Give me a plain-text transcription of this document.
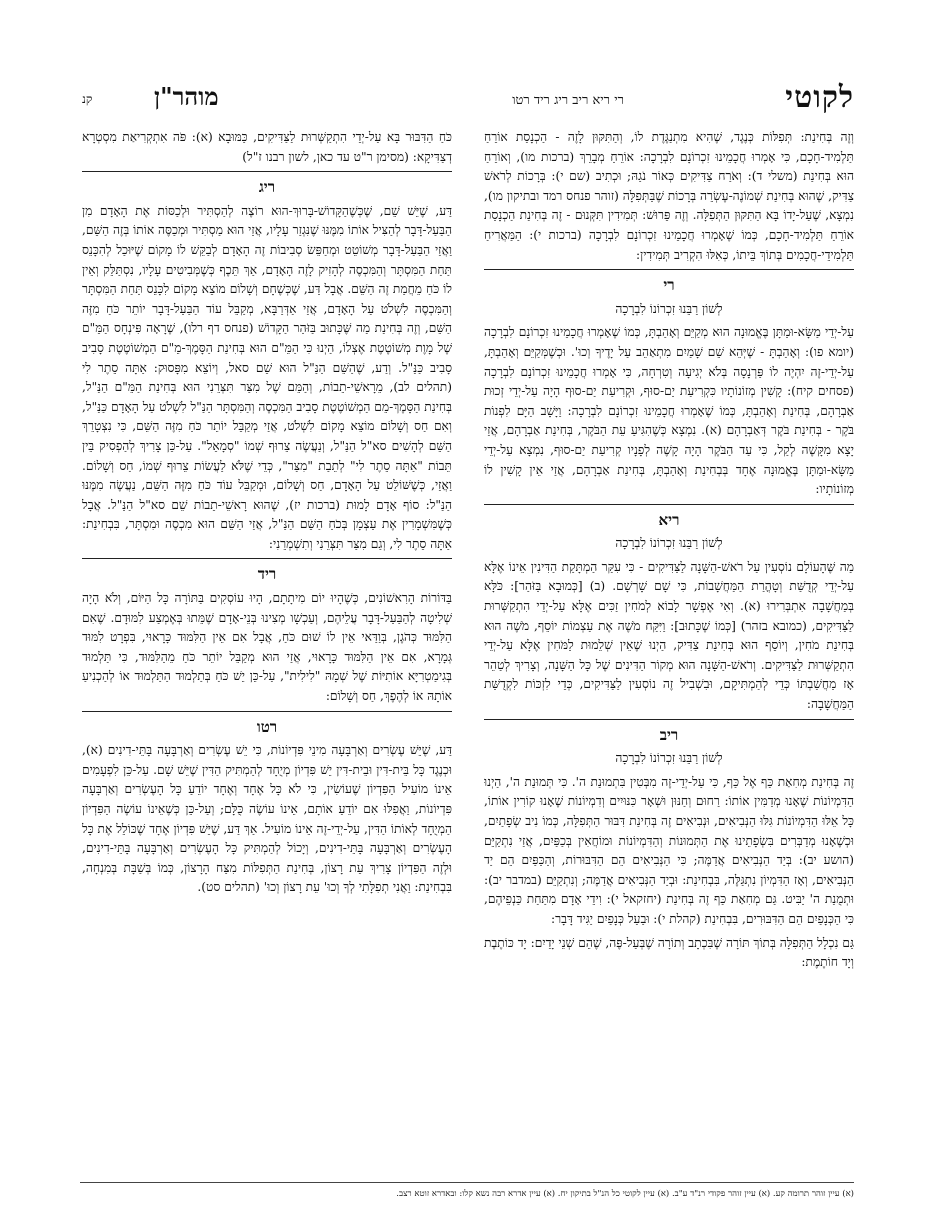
לקוטי
רי ריא ריב ריג ריד רטו
מוהר"ן
קנ

וְזֶה בְּחִינַת: תְּפִלּוֹת כְּנֶגֶד, שֶׁהִיא מִתְנַגֶּדֶת לוֹ, וְהַתִּקּוּן לָזֶה - הַכְנָסַת אוֹרֵחַ תַּלְמִיד-חָכָם, כִּי אָמְרוּ חֲכָמֵינוּ זִכְרוֹנָם לִבְרָכָה: אוֹרֵחַ מְבָרֵךְ (ברכות מו), וְאוֹרֵחַ הוּא בְּחִינַת (משלי ד): וְאֹרַח צַדִּיקִים כְּאוֹר נֹגַהּ; וּכְתִיב (שם י): בְּרָכוֹת לְרֹאשׁ צַדִּיק, שֶׁהוּא בְּחִינַת שְׁמוֹנֶה-עֶשְׂרֵה בְּרָכוֹת שֶׁבַּתְּפִלָּה (זוהר פנחס רמד ובתיקון מו), נִמְצָא, שֶׁעַל-יָדוֹ בָּא הַתִּקּוּן הַתְּפִלָּה. וְזֶה פֵּרוּשׁ: תְּמִידִין תִּקְּנוּם - זֶה בְּחִינַת הַכְנָסַת אוֹרֵחַ תַּלְמִיד-חָכָם, כְּמוֹ שֶׁאָמְרוּ חֲכָמֵינוּ זִכְרוֹנָם לִבְרָכָה (ברכות י): הַמַּאֲרִיחַ תַּלְמִידֵי-חֲכָמִים בְּתוֹךְ בֵּיתוֹ, כְּאִלּוּ הִקְרִיב תְּמִידִין:

רי
לְשׁוֹן רַבֵּנוּ זִכְרוֹנוֹ לִבְרָכָה

עַל-יְדֵי מַשָּׂא-וּמַתָּן בֶּאֱמוּנָה הוּא מְקַיֵּם וְאָהַבְתָּ, כְּמוֹ שֶׁאָמְרוּ חֲכָמֵינוּ זִכְרוֹנָם לִבְרָכָה (יומא פו): וְאָהַבְתָּ - שֶׁיְּהֵא שֵׁם שָׁמַיִם מִתְאַהֵב עַל יָדֶיךָ וְכוּ'. וּכְשֶׁמְּקַיֵּם וְאָהַבְתָּ, עַל-יְדֵי-זֶה יִהְיֶה לוֹ פַּרְנָסָה בְּלֹא יְגִיעָה וְטִרְחָה, כִּי אָמְרוּ חֲכָמֵינוּ זִכְרוֹנָם לִבְרָכָה (פסחים קיח): קָשִׁין מְזוֹנוֹתָיו כִּקְרִיעַת יַם-סוּף, וּקְרִיעַת יַם-סוּף הָיָה עַל-יְדֵי זְכוּת אַבְרָהָם, בְּחִינַת וְאָהַבְתָּ, כְּמוֹ שֶׁאָמְרוּ חֲכָמֵינוּ זִכְרוֹנָם לִבְרָכָה: וַיָּשָׁב הַיָּם לִפְנוֹת בֹּקֶר - בְּחִינַת בֹּקֶר דְּאַבְרָהָם (א). נִמְצָא כְּשֶׁהִגִּיעַ עֵת הַבֹּקֶר, בְּחִינַת אַבְרָהָם, אֲזַי יָצָא מִקָּשֶׁה לְקַל, כִּי עַד הַבֹּקֶר הָיָה קָשֶׁה לְפָנָיו קְרִיעַת יַם-סוּף, נִמְצָא עַל-יְדֵי מַשָּׂא-וּמַתָּן בֶּאֱמוּנָה אֶחָד בְּבְחִינַת וְאָהַבְתָּ, בְּחִינַת אַבְרָהָם, אֲזַי אֵין קָשִׁין לוֹ מְזוֹנוֹתָיו:

ריא
לְשׁוֹן רַבֵּנוּ זִכְרוֹנוֹ לִבְרָכָה

מַה שֶּׁהָעוֹלָם נוֹסְעִין עַל רֹאשׁ-הַשָּׁנָה לַצַּדִּיקִים - כִּי עִקַּר הַמְתָּקַת הַדִּינִין אֵינוֹ אֶלָּא עַל-יְדֵי קְדֻשַּׁת וְטָהֳרַת הַמַּחֲשָׁבוֹת, כִּי שָׁם שָׁרְשָׁם. (ב) [כְּמוּבָא בַּזֹּהַר]: כֹּלָּא בְּמַחֲשָׁבָה אִתְבְּרִירוּ (א). וְאִי אֶפְשָׁר לָבוֹא לְמֹחִין זַכִּים אֶלָּא עַל-יְדֵי הִתְקַשְּׁרוּת לַצַּדִּיקִים, (כמובא בזהר) [כְּמוֹ שֶׁכָּתוּב]: וַיִּקַּח מֹשֶׁה אֶת עַצְמוֹת יוֹסֵף, מֹשֶׁה הוּא בְּחִינַת מֹחִין, וְיוֹסֵף הוּא בְּחִינַת צַדִּיק, הַיְנוּ שֶׁאֵין שְׁלֵמוּת לַמֹּחִין אֶלָּא עַל-יְדֵי הִתְקַשְּׁרוּת לַצַּדִּיקִים. וְרֹאשׁ-הַשָּׁנָה הוּא מְקוֹר הַדִּינִים שֶׁל כָּל הַשָּׁנָה, וְצָרִיךְ לְטַהֵר אָז מַחֲשַׁבְתּוֹ כְּדֵי לְהַמְתִּיקָם, וּבִשְׁבִיל זֶה נוֹסְעִין לַצַּדִּיקִים, כְּדֵי לִזְכּוֹת לִקְדֻשַּׁת הַמַּחֲשָׁבָה:

ריב
לְשׁוֹן רַבֵּנוּ זִכְרוֹנוֹ לִבְרָכָה

זֶה בְּחִינַת מְחִאַת כַּף אֶל כַּף, כִּי עַל-יְדֵי-זֶה מִבְּטִין בִּתְמוּנַת ה'. כִּי תְּמוּנַת ה', הַיְנוּ הַדִּמְיוֹנוֹת שֶׁאָנוּ מְדַמִּין אוֹתוֹ: רַחוּם וְחַנּוּן וּשְׁאָר כִּנּוּיִים וְדִמְיוֹנוֹת שֶׁאָנוּ קוֹרִין אוֹתוֹ, כָּל אֵלּוּ הַדִּמְיוֹנוֹת גִּלּוּ הַנְּבִיאִים, וּנְבִיאִים זֶה בְּחִינַת דִּבּוּר הַתְּפִלָּה, כְּמוֹ נִיב שְׂפָתַיִם, וּכְשֶׁאָנוּ מְדַבְּרִים בִּשְׂפָתֵינוּ אֶת הַתְּמוּנוֹת וְהַדִּמְיוֹנוֹת וּמוֹחֲאִין בְּכַפַּיִם, אֲזַי נִתְקַיֵּם (הושע יב): בְּיַד הַנְּבִיאִים אֲדַמֶּה; כִּי הַנְּבִיאִים הֵם הַדִּבּוּרוֹת, וְהַכַּפַּיִם הֵם יַד הַנְּבִיאִים, וְאָז הַדִּמְיוֹן נִתְגַּלֶּה, בִּבְחִינַת: וּבְיַד הַנְּבִיאִים אֲדַמֶּה; וְנִתְקַיֵּם (במדבר יב): וּתְמֻנַת ה' יַבִּיט. גַּם מְחִאַת כַּף זֶה בְּחִינַת (יחזקאל י): וִידֵי אָדָם מִתַּחַת כַּנְפֵיהֶם, כִּי הַכְּנָפַיִם הֵם הַדִּבּוּרִים, בִּבְחִינַת (קהלת י): וּבַעַל כְּנָפַיִם יַגִּיד דָּבָר:

גַּם נִכְלָל הַתְּפִלָּה בְּתוֹךְ תּוֹרָה שֶׁבִּכְתָב וְתוֹרָה שֶׁבְּעַל-פֶּה, שֶׁהֵם שְׁנֵי יָדַיִם: יָד כּוֹתֶבֶת וְיָד חוֹתֶמֶת:

כֹּחַ הַדִּבּוּר בָּא עַל-יְדֵי הִתְקַשְּׁרוּת לַצַּדִּיקִים, כַּמּוּבָא (א): פֹּה אִתְקְרִיאַת מִסְטְרָא דְצַדִּיקָא: (מסימן ר"ט עד כאן, לשון רבנו ז"ל)

ריג

דַּע, שֶׁיֵּשׁ שֵׁם, שֶׁכְּשֶׁהַקָּדוֹשׁ-בָּרוּךְ-הוּא רוֹצֶה לְהַסְתִּיר וּלְכַסּוֹת אֶת הָאָדָם מִן הַבַּעַל-דָּבָר לְהַצִּיל אוֹתוֹ מִמֶּנּוּ שֶׁנִּגְזַר עָלָיו, אֲזַי הוּא מַסְתִּיר וּמְכַסֶּה אוֹתוֹ בְּזֶה הַשֵּׁם, וַאֲזַי הַבַּעַל-דָּבָר מְשׁוֹטֵט וּמְחַפֵּשׂ סְבִיבוֹת זֶה הָאָדָם לְבַקֵּשׁ לוֹ מָקוֹם שֶׁיּוּכַל לְהִכָּנֵס תַּחַת הַמִּסְתָּר וְהַמִּכְסֶה לְהָזִיק לָזֶה הָאָדָם, אַךְ תֵּכֶף כְּשֶׁמְּבִיטִים עָלָיו, נִסְתַּלֵּק וְאֵין לוֹ כֹּחַ מֵחֲמַת זֶה הַשֵּׁם. אֲבָל דַּע, שֶׁכְּשֶׁחָם וְשָׁלוֹם מוֹצֵא מָקוֹם לִכָּנֵס תַּחַת הַמִּסְתָּר וְהַמִּכְסֶה לִשְׁלֹט עַל הָאָדָם, אֲזַי אַדְּרַבָּא, מְקַבֵּל עוֹד הַבַּעַל-דָּבָר יוֹתֵר כֹּחַ מִזֶּה הַשֵּׁם, וְזֶה בְּחִינַת מַה שֶּׁכָּתוּב בַּזֹּהַר הַקָּדוֹשׁ (פנחס דף רלו), שֶׁרָאָה פִּינְחָס הַמֵּ"ם שֶׁל מָוֶת מְשׁוֹטֶטֶת אֶצְלוֹ, הַיְנוּ כִּי הַמֵּ"ם הוּא בְּחִינַת הַסָּמֶךְ-מֵ"ם הַמְשׁוֹטֶטֶת סָבִיב סָבִיב כַּנַּ"ל. וְדַע, שֶׁהַשֵּׁם הַנַּ"ל הוּא שֵׁם סאל, וְיוֹצֵא מִפָּסוּק: אַתָּה סֵתֶר לִי (תהלים לב), מֵרָאשֵׁי-תֵבוֹת, וְהַמֵּם שֶׁל מִצַּר תִּצְּרֵנִי הוּא בְּחִינַת הַמֵּ"ם הַנַּ"ל, בְּחִינַת הַסָּמֶךְ-מֵם הַמְשׁוֹטֶטֶת סָבִיב הַמִּכְסֶה וְהַמִּסְתָּר הַנַּ"ל לִשְׁלֹט עַל הָאָדָם כַּנַּ"ל, וְאִם חַס וְשָׁלוֹם מוֹצֵא מָקוֹם לִשְׁלֹט, אֲזַי מְקַבֵּל יוֹתֵר כֹּחַ מִזֶּה הַשֵּׁם, כִּי נִצְטָרֵךְ הַשֵּׁם לְהָשִׁים סא"ל הַנַּ"ל, וְנַעֲשֶׂה צֵרוּף שְׁמוֹ "סְמָאֵל". עַל-כֵּן צָרִיךְ לְהַפְסִיק בֵּין תֵּבוֹת "אַתָּה סֵתֶר לִי" לְתֵבַת "מִצַּר", כְּדֵי שֶׁלֹּא לַעֲשׂוֹת צֵרוּף שְׁמוֹ, חַס וְשָׁלוֹם. וַאֲזַי, כְּשֶׁשּׁוֹלֵט עַל הָאָדָם, חַס וְשָׁלוֹם, וּמְקַבֵּל עוֹד כֹּחַ מִזֶּה הַשֵּׁם, נַעֲשֶׂה מִמֶּנּוּ הַנַּ"ל: סוֹף אָדָם לָמוּת (ברכות יז), שֶׁהוּא רָאשֵׁי-תֵבוֹת שֵׁם סא"ל הַנַּ"ל. אֲבָל כְּשֶׁמִּשְׁמָרִין אֶת עַצְמָן בְּכֹחַ הַשֵּׁם הַנַּ"ל, אֲזַי הַשֵּׁם הוּא מִכְסֶה וּמִסְתָּר, בִּבְחִינַת: אַתָּה סֵתֶר לִי, וְגַם מִצַּר תִּצְּרֵנִי וְתִשְׁמְרֵנִי:

ריד

בַּדּוֹרוֹת הָרִאשׁוֹנִים, כְּשֶׁהָיוּ יוֹם מִיתָתָם, הָיוּ עוֹסְקִים בַּתּוֹרָה כָּל הַיּוֹם, וְלֹא הָיָה שְׁלִיטָה לְהַבַּעַל-דָּבָר עֲלֵיהֶם, וְעַכְשָׁו מְצִינוּ בְּנֵי-אָדָם שֶׁמֵּתוּ בְּאֶמְצַע לִמּוּדָם. שֶׁאִם הַלִּמּוּד כְּהֹגֶן, בְּוַדַּאי אֵין לוֹ שׁוּם כֹּחַ, אֲבָל אִם אֵין הַלִּמּוּד כָּרָאוּי, בִּפְרָט לִמּוּד גְּמָרָא, אִם אֵין הַלִּמּוּד כָּרָאוּי, אֲזַי הוּא מְקַבֵּל יוֹתֵר כֹּחַ מֵהַלִּמּוּד, כִּי תַּלְמוּד בְּגִימַטְרִיָּא אוֹתִיּוֹת שֶׁל שְׁמָהּ "לִילִית", עַל-כֵּן יֵשׁ כֹּחַ בְּתַלְמוּד הַתַּלְמוּד אוֹ לְהַכְנִיעַ אוֹתָהּ אוֹ לְהֶפֶךְ, חַס וְשָׁלוֹם:

רטו

דַּע, שֶׁיֵּשׁ עֶשְׂרִים וְאַרְבָּעָה מִינֵי פִּדְיוֹנוֹת, כִּי יֵשׁ עֶשְׂרִים וְאַרְבָּעָה בָּתֵּי-דִינִים (א), וּכְנֶגֶד כָּל בֵּית-דִּין וּבֵית-דִּין יֵשׁ פִּדְיוֹן מְיֻחָד לְהַמְתִּיק הַדִּין שֶׁיֵּשׁ שָׁם. עַל-כֵּן לִפְעָמִים אֵינוֹ מוֹעִיל הַפִּדְיוֹן שֶׁעוֹשִׂין, כִּי לֹא כָּל אֶחָד וְאֶחָד יוֹדֵעַ כָּל הָעֶשְׂרִים וְאַרְבָּעָה פִּדְיוֹנוֹת, וַאֲפִלּוּ אִם יוֹדֵעַ אוֹתָם, אֵינוֹ עוֹשֶׂה כֻּלָּם; וְעַל-כֵּן כְּשֶׁאֵינוֹ עוֹשֶׂה הַפִּדְיוֹן הַמְיֻחָד לְאוֹתוֹ הַדִּין, עַל-יְדֵי-זֶה אֵינוֹ מוֹעִיל. אַךְ דַּע, שֶׁיֵּשׁ פִּדְיוֹן אֶחָד שֶׁכּוֹלֵל אֶת כָּל הָעֶשְׂרִים וְאַרְבָּעָה בָּתֵּי-דִינִים, וְיָכוֹל לְהַמְתִּיק כָּל הָעֶשְׂרִים וְאַרְבָּעָה בָּתֵּי-דִינִים, וּלְזֶה הַפִּדְיוֹן צָרִיךְ עֵת רָצוֹן, בְּחִינַת הַתְּפִלּוֹת מִצַּח הָרָצוֹן, כְּמוֹ בְּשַׁבָּת בְּמִנְחָה, בִּבְחִינַת: וַאֲנִי תְפִלָּתִי לְךָ וְכוּ' עֵת רָצוֹן וְכוּ' (תהלים סט).

(א) עיין זוהר תרומה קע. (א) עיין זוהר פקודי רנ"ד ע"ב. (א) עיין לקוטי כל הנ"ל בתיקון יח. (א) עיין אדרא רבה נשא קלו: ובאדרא זוטא רצב.
